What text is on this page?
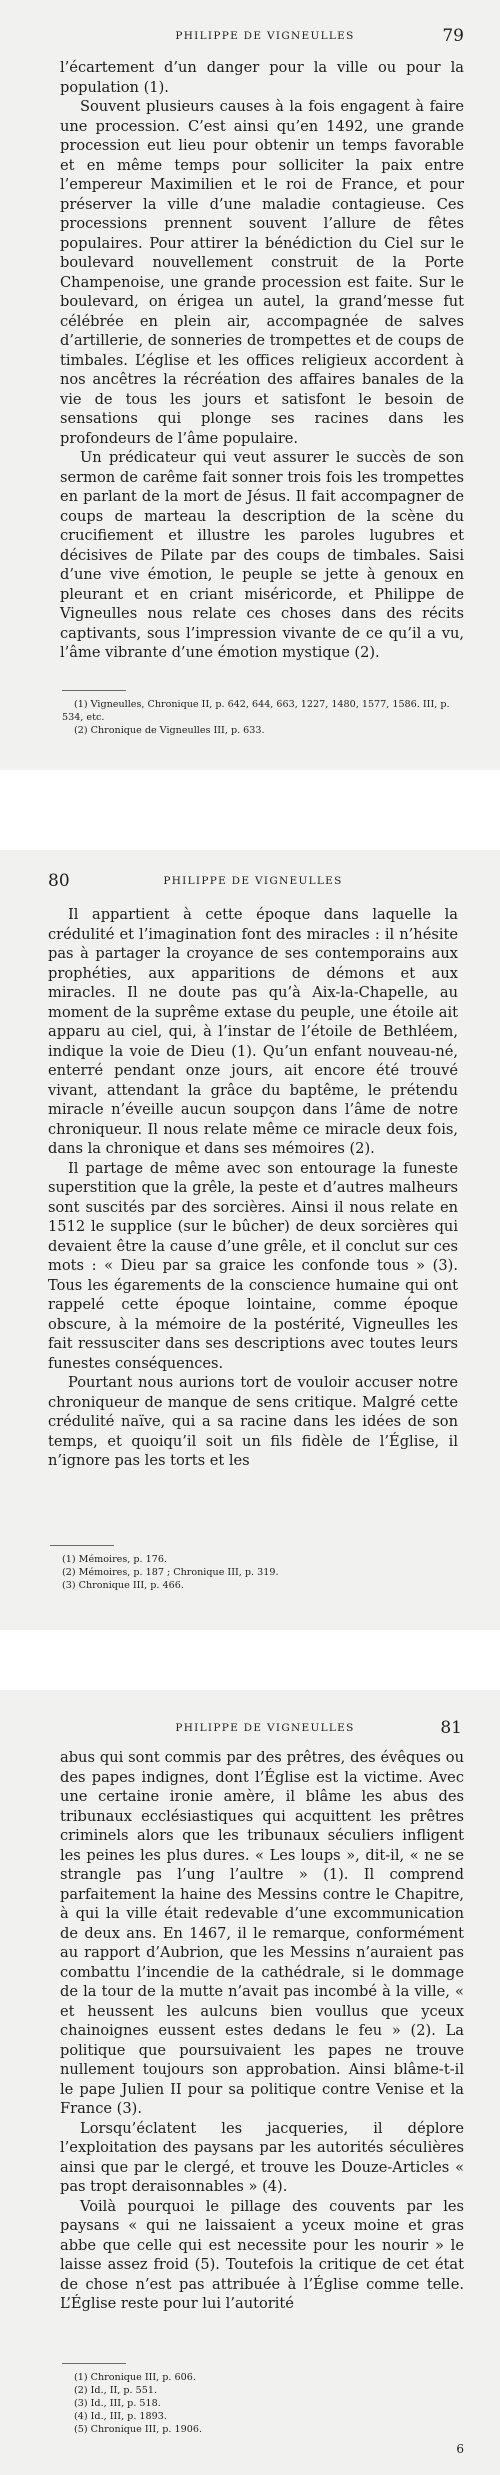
PHILIPPE DE VIGNEULLES	79

l’écartement d’un danger pour la ville ou pour la population (1).

Souvent plusieurs causes à la fois engagent à faire une procession. C’est ainsi qu’en 1492, une grande procession eut lieu pour obtenir un temps favorable et en même temps pour solliciter la paix entre l’empereur Maximilien et le roi de France, et pour préserver la ville d’une maladie contagieuse. Ces processions prennent souvent l’allure de fêtes populaires. Pour attirer la bénédiction du Ciel sur le boulevard nouvellement construit de la Porte Champenoise, une grande procession est faite. Sur le boulevard, on érigea un autel, la grand’messe fut célébrée en plein air, accompagnée de salves d’artillerie, de sonneries de trompettes et de coups de timbales. L’église et les offices religieux accordent à nos ancêtres la récréation des affaires banales de la vie de tous les jours et satisfont le besoin de sensations qui plonge ses racines dans les profondeurs de l’âme populaire.

Un prédicateur qui veut assurer le succès de son sermon de carême fait sonner trois fois les trompettes en parlant de la mort de Jésus. Il fait accompagner de coups de marteau la description de la scène du crucifiement et illustre les paroles lugubres et décisives de Pilate par des coups de timbales. Saisi d’une vive émotion, le peuple se jette à genoux en pleurant et en criant miséricorde, et Philippe de Vigneulles nous relate ces choses dans des récits captivants, sous l’impression vivante de ce qu’il a vu, l’âme vibrante d’une émotion mystique (2).

(1) Vigneulles, Chronique II, p. 642, 644, 663, 1227, 1480, 1577, 1586. III, p. 534, etc.
(2) Chronique de Vigneulles III, p. 633.
80	PHILIPPE DE VIGNEULLES

Il appartient à cette époque dans laquelle la crédulité et l’imagination font des miracles : il n’hésite pas à partager la croyance de ses contemporains aux prophéties, aux apparitions de démons et aux miracles. Il ne doute pas qu’à Aix-la-Chapelle, au moment de la suprême extase du peuple, une étoile ait apparu au ciel, qui, à l’instar de l’étoile de Bethléem, indique la voie de Dieu (1). Qu’un enfant nouveau-né, enterré pendant onze jours, ait encore été trouvé vivant, attendant la grâce du baptême, le prétendu miracle n’éveille aucun soupçon dans l’âme de notre chroniqueur. Il nous relate même ce miracle deux fois, dans la chronique et dans ses mémoires (2).

Il partage de même avec son entourage la funeste superstition que la grêle, la peste et d’autres malheurs sont suscités par des sorcières. Ainsi il nous relate en 1512 le supplice (sur le bûcher) de deux sorcières qui devaient être la cause d’une grêle, et il conclut sur ces mots : « Dieu par sa graice les confonde tous » (3). Tous les égarements de la conscience humaine qui ont rappelé cette époque lointaine, comme époque obscure, à la mémoire de la postérité, Vigneulles les fait ressusciter dans ses descriptions avec toutes leurs funestes conséquences.

Pourtant nous aurions tort de vouloir accuser notre chroniqueur de manque de sens critique. Malgré cette crédulité naïve, qui a sa racine dans les idées de son temps, et quoiqu’il soit un fils fidèle de l’Église, il n’ignore pas les torts et les

(1) Mémoires, p. 176.
(2) Mémoires, p. 187 ; Chronique III, p. 319.
(3) Chronique III, p. 466.
PHILIPPE DE VIGNEULLES	81

abus qui sont commis par des prêtres, des évêques ou des papes indignes, dont l’Église est la victime. Avec une certaine ironie amère, il blâme les abus des tribunaux ecclésiastiques qui acquittent les prêtres criminels alors que les tribunaux séculiers infligent les peines les plus dures. « Les loups », dit-il, « ne se strangle pas l’ung l’aultre » (1). Il comprend parfaitement la haine des Messins contre le Chapitre, à qui la ville était redevable d’une excommunication de deux ans. En 1467, il le remarque, conformément au rapport d’Aubrion, que les Messins n’auraient pas combattu l’incendie de la cathédrale, si le dommage de la tour de la mutte n’avait pas incombé à la ville, « et heussent les aulcuns bien voullus que yceux chainoignes eussent estes dedans le feu » (2). La politique que poursuivaient les papes ne trouve nullement toujours son approbation. Ainsi blâme-t-il le pape Julien II pour sa politique contre Venise et la France (3).

Lorsqu’éclatent les jacqueries, il déplore l’exploitation des paysans par les autorités séculières ainsi que par le clergé, et trouve les Douze-Articles « pas tropt deraisonnables » (4).

Voilà pourquoi le pillage des couvents par les paysans « qui ne laissaient a yceux moine et gras abbe que celle qui est necessite pour les nourir » le laisse assez froid (5). Toutefois la critique de cet état de chose n’est pas attribuée à l’Église comme telle. L’Église reste pour lui l’autorité

(1) Chronique III, p. 606.
(2) Id., II, p. 551.
(3) Id., III, p. 518.
(4) Id., III, p. 1893.
(5) Chronique III, p. 1906.
6
